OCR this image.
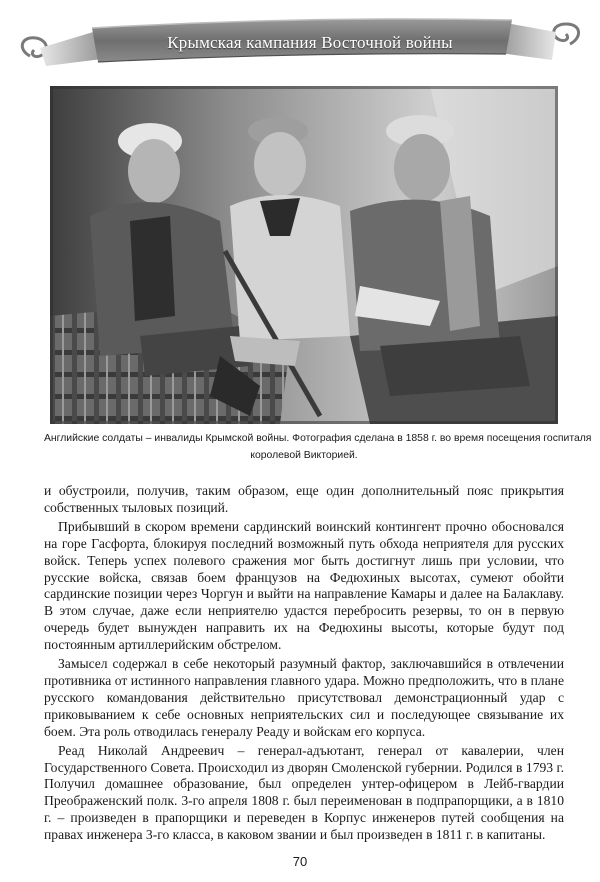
Крымская кампания Восточной войны
Английские солдаты – инвалиды Крымской войны. Фотография сделана в 1858 г. во время посещения госпиталя
королевой Викторией.

и обустроили, получив, таким образом, еще один дополнительный пояс прикрытия собственных тыловых позиций.

Прибывший в скором времени сардинский воинский контингент прочно обосновался на горе Гасфорта, блокируя последний возможный путь обхода неприятеля для русских войск. Теперь успех полевого сражения мог быть достигнут лишь при условии, что русские войска, связав боем французов на Федюхиных высотах, сумеют обойти сардинские позиции через Чоргун и выйти на направление Камары и далее на Балаклаву. В этом случае, даже если неприятелю удастся перебросить резервы, то он в первую очередь будет вынужден направить их на Федюхины высоты, которые будут под постоянным артиллерийским обстрелом.

Замысел содержал в себе некоторый разумный фактор, заключавшийся в отвлечении противника от истинного направления главного удара. Можно предположить, что в плане русского командования действительно присутствовал демонстрационный удар с приковыванием к себе основных неприятельских сил и последующее связывание их боем. Эта роль отводилась генералу Реаду и войскам его корпуса.

Реад Николай Андреевич – генерал-адъютант, генерал от кавалерии, член Государственного Совета. Происходил из дворян Смоленской губернии. Родился в 1793 г. Получил домашнее образование, был определен унтер-офицером в Лейб-гвардии Преображенский полк. 3-го апреля 1808 г. был переименован в подпрапорщики, а в 1810 г. – произведен в прапорщики и переведен в Корпус инженеров путей сообщения на правах инженера 3-го класса, в каковом звании и был произведен в 1811 г. в капитаны.

70
